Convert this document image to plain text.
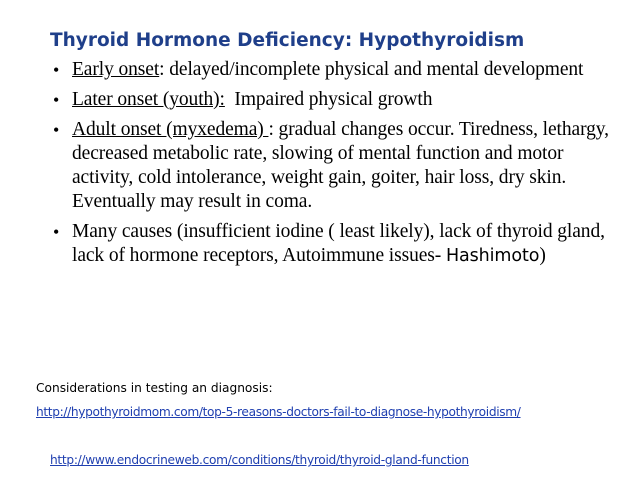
Thyroid Hormone Deficiency: Hypothyroidism
• Early onset: delayed/incomplete physical and mental development
• Later onset (youth):  Impaired physical growth
• Adult onset (myxedema) : gradual changes occur. Tiredness, lethargy, decreased metabolic rate, slowing of mental function and motor activity, cold intolerance, weight gain, goiter, hair loss, dry skin. Eventually may result in coma.
• Many causes (insufficient iodine ( least likely), lack of thyroid gland, lack of hormone receptors, Autoimmune issues- Hashimoto)
Considerations in testing an diagnosis:
http://hypothyroidmom.com/top-5-reasons-doctors-fail-to-diagnose-hypothyroidism/
http://www.endocrineweb.com/conditions/thyroid/thyroid-gland-function
